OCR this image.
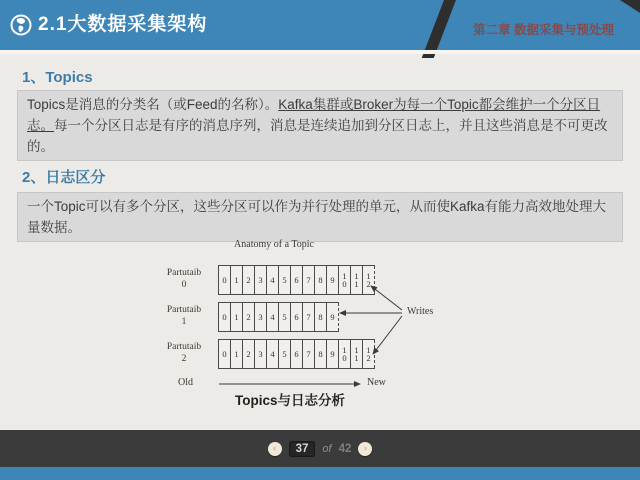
2.1大数据采集架构	第二章 数据采集与预处理
1、Topics
Topics是消息的分类名（或Feed的名称）。Kafka集群或Broker为每一个Topic都会维护一个分区日志。每一个分区日志是有序的消息序列，消息是连续追加到分区日志上，并且这些消息是不可更改的。
2、日志区分
一个Topic可以有多个分区，这些分区可以作为并行处理的单元，从而使Kafka有能力高效地处理大量数据。
Anatomy of a Topic
Partutaib
0
0 1 2 3 4 5 6 7 8 9 10
11
12
Partutaib
1
0 1 2 3 4 5 6 7 8 9
Partutaib
2
0 1 2 3 4 5 6 7 8 9 10
11
12
Writes
Old	New
Topics与日志分析
‹	37	of 42 ›
